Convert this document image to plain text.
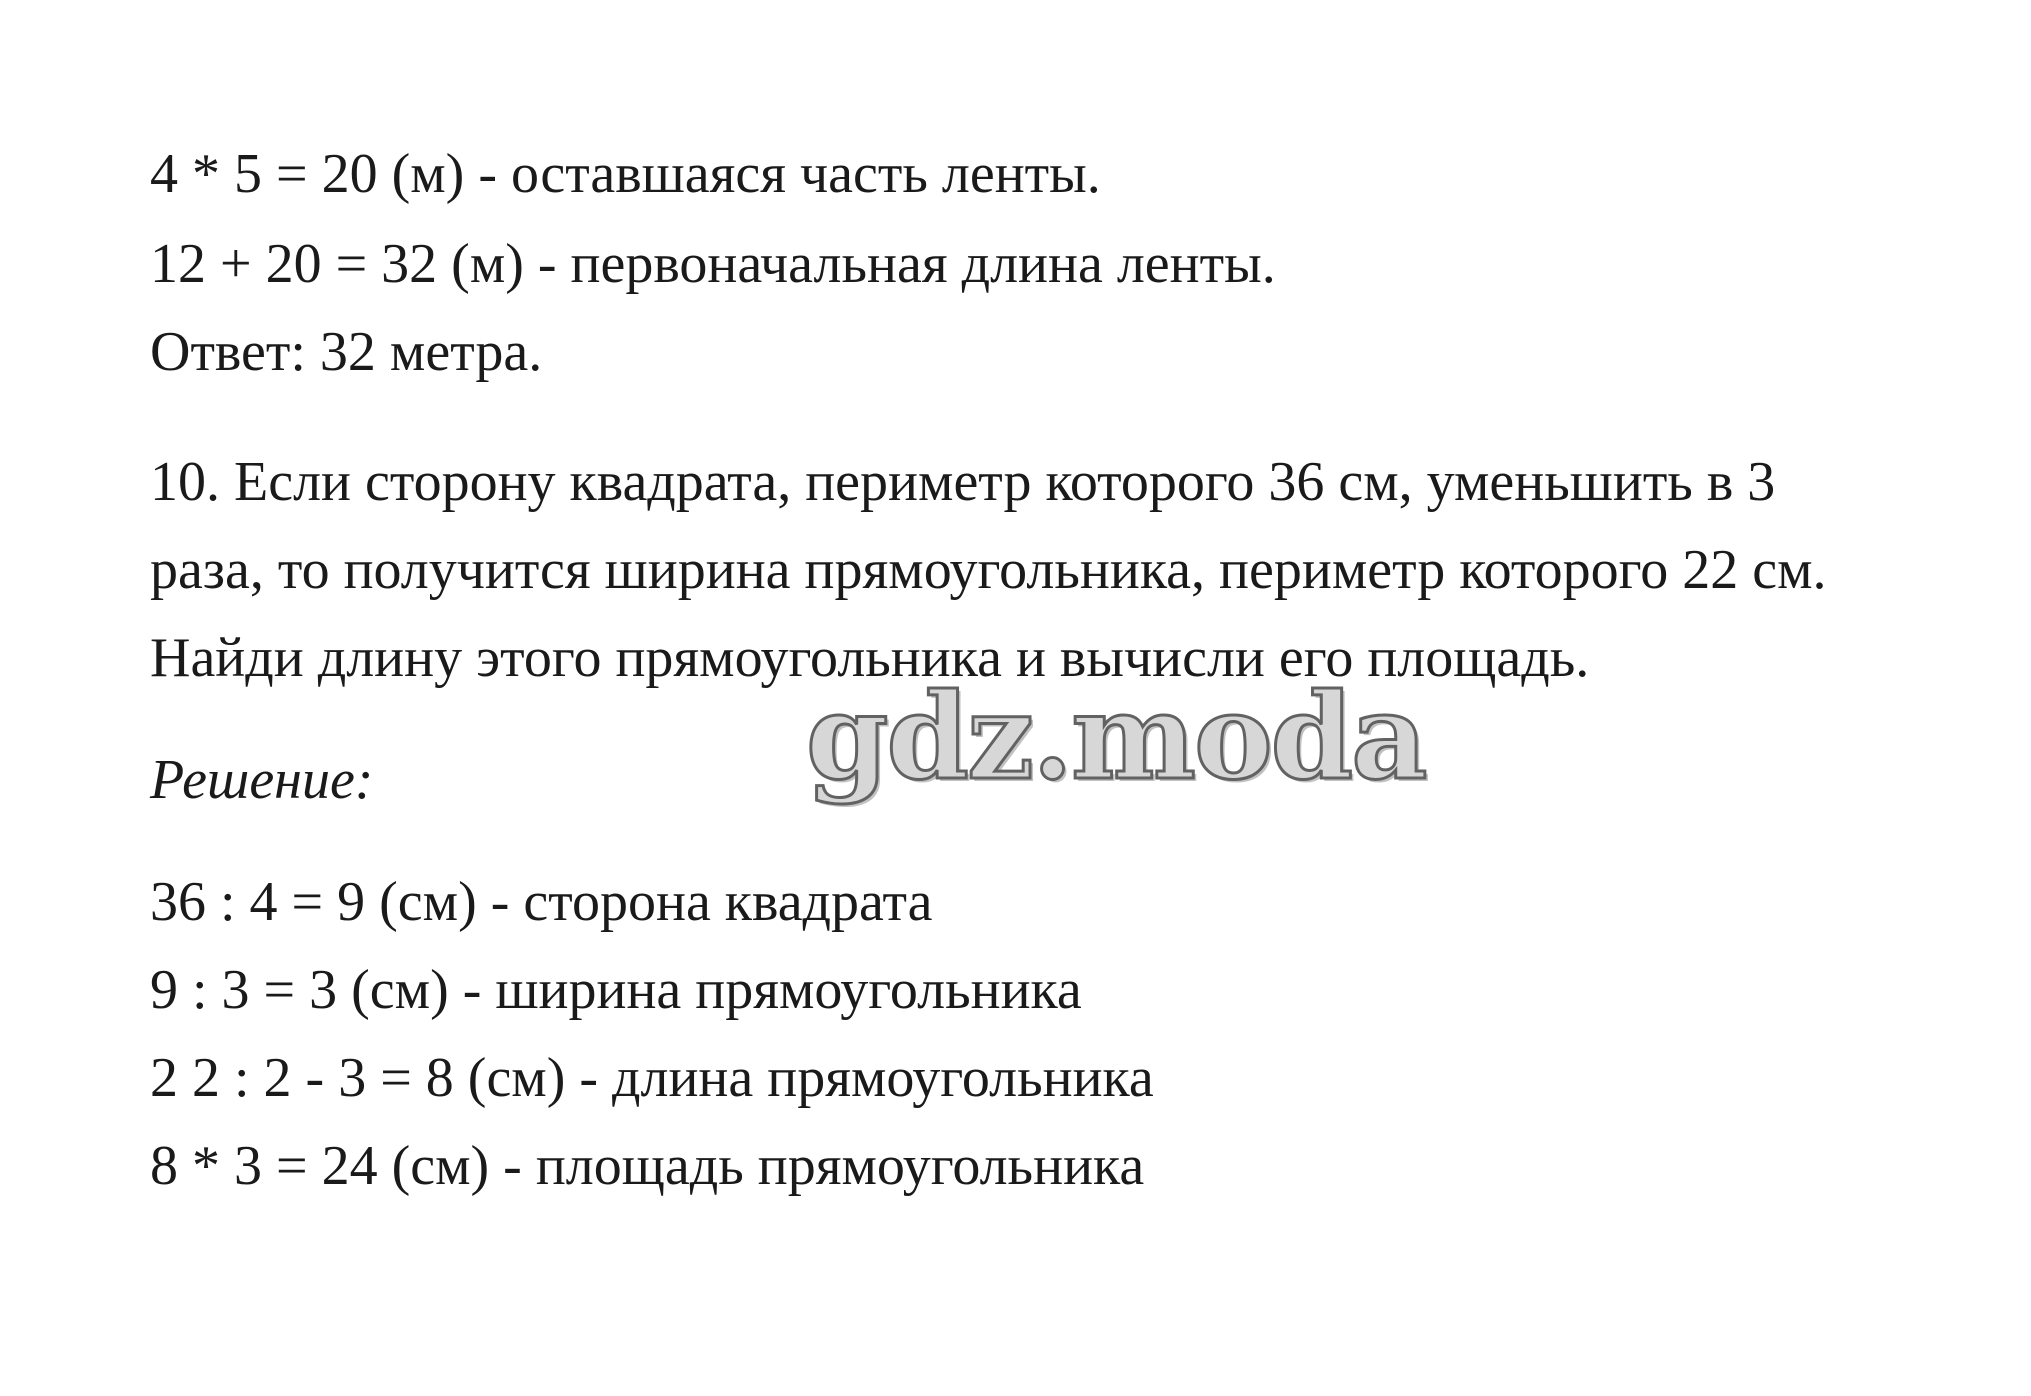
4 * 5 = 20 (м) - оставшаяся часть ленты.

12 + 20 = 32 (м) - первоначальная длина ленты.

Ответ: 32 метра.

10. Если сторону квадрата, периметр которого 36 см, уменьшить в 3

раза, то получится ширина прямоугольника, периметр которого 22 см.

Найди длину этого прямоугольника и вычисли его площадь.

Решение:

36 : 4 = 9 (см) - сторона квадрата

9 : 3 = 3 (см) - ширина прямоугольника

2 2 : 2 - 3 = 8 (см) - длина прямоугольника

8 * 3 = 24 (см) - площадь прямоугольника

gdz.moda
